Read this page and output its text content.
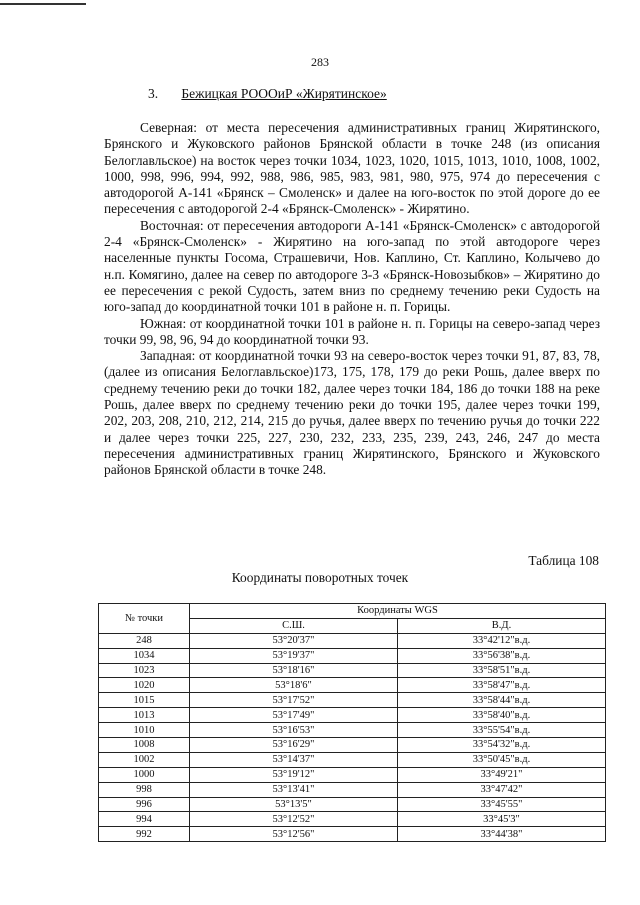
283
3. Бежицкая РОООиР «Жирятинское»

Северная: от места пересечения административных границ Жирятинского, Брянского и Жуковского районов Брянской области в точке 248 (из описания Белоглавльское) на восток через точки 1034, 1023, 1020, 1015, 1013, 1010, 1008, 1002, 1000, 998, 996, 994, 992, 988, 986, 985, 983, 981, 980, 975, 974 до пересечения с автодорогой А-141 «Брянск – Смоленск» и далее на юго-восток по этой дороге до ее пересечения с автодорогой 2-4 «Брянск-Смоленск» - Жирятино.

Восточная: от пересечения автодороги А-141 «Брянск-Смоленск» с автодорогой 2-4 «Брянск-Смоленск» - Жирятино на юго-запад по этой автодороге через населенные пункты Госома, Страшевичи, Нов. Каплино, Ст. Каплино, Колычево до н.п. Комягино, далее на север по автодороге 3-3 «Брянск-Новозыбков» – Жирятино до ее пересечения с рекой Судость, затем вниз по среднему течению реки Судость на юго-запад до координатной точки 101 в районе н. п. Горицы.

Южная: от координатной точки 101 в районе н. п. Горицы на северо-запад через точки 99, 98, 96, 94 до координатной точки 93.

Западная: от координатной точки 93 на северо-восток через точки 91, 87, 83, 78, (далее из описания Белоглавльское)173, 175, 178, 179 до реки Рошь, далее вверх по среднему течению реки до точки 182, далее через точки 184, 186 до точки 188 на реке Рошь, далее вверх по среднему течению реки до точки 195, далее через точки 199, 202, 203, 208, 210, 212, 214, 215 до ручья, далее вверх по течению ручья до точки 222 и далее через точки 225, 227, 230, 232, 233, 235, 239, 243, 246, 247 до места пересечения административных границ Жирятинского, Брянского и Жуковского районов Брянской области в точке 248.

Таблица 108
Координаты поворотных точек
№ точки	Координаты WGS	
	С.Ш.	В.Д.
248	53°20'37"	33°42'12"в.д.
1034	53°19'37"	33°56'38"в.д.
1023	53°18'16"	33°58'51"в.д.
1020	53°18'6"	33°58'47"в.д.
1015	53°17'52"	33°58'44"в.д.
1013	53°17'49"	33°58'40"в.д.
1010	53°16'53"	33°55'54"в.д.
1008	53°16'29"	33°54'32"в.д.
1002	53°14'37"	33°50'45"в.д.
1000	53°19'12"	33°49'21"
998	53°13'41"	33°47'42"
996	53°13'5"	33°45'55"
994	53°12'52"	33°45'3"
992	53°12'56"	33°44'38"
